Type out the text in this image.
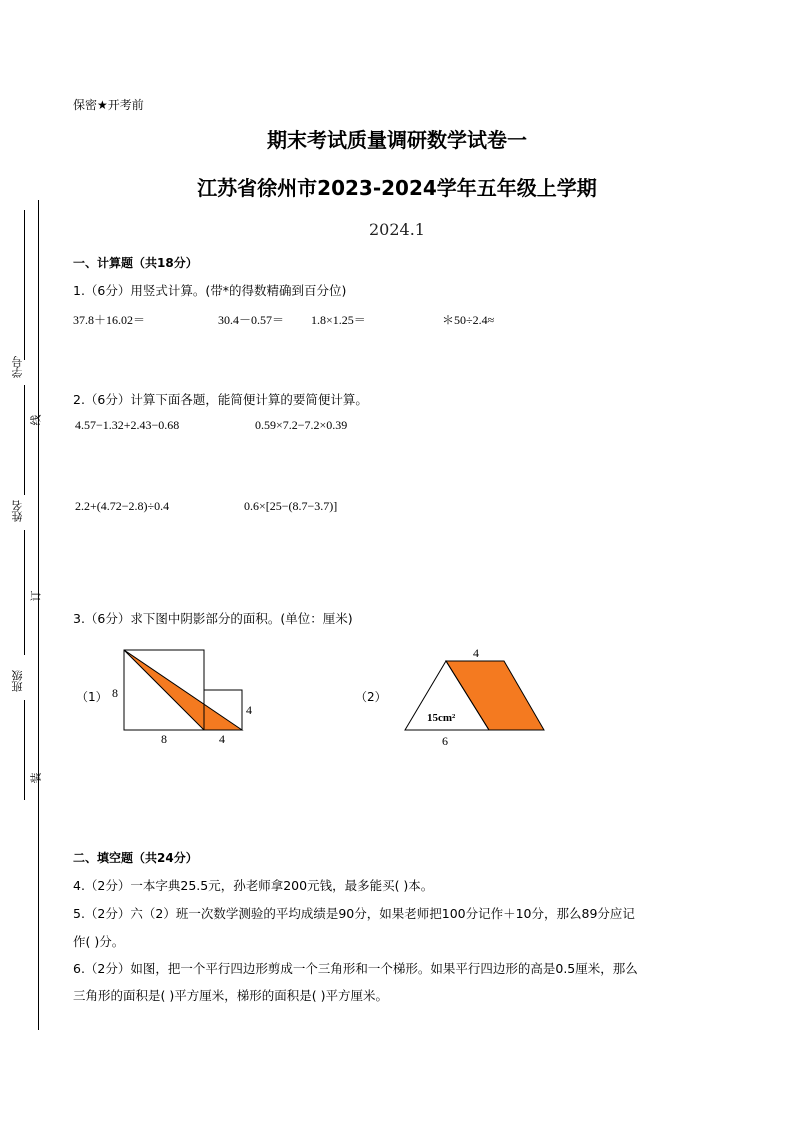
学号
姓名
班级
线
订
装
保密★开考前
期末考试质量调研数学试卷一
江苏省徐州市2023-2024学年五年级上学期
2024.1
一、计算题（共18分）
1.（6分）用竖式计算。(带*的得数精确到百分位)
37.8＋16.02＝	30.4－0.57＝ 1.8×1.25＝	＊50÷2.4≈
2.（6分）计算下面各题，能简便计算的要简便计算。
4.57−1.32+2.43−0.68	0.59×7.2−7.2×0.39
2.2+(4.72−2.8)÷0.4	0.6×[25−(8.7−3.7)]
3.（6分）求下图中阴影部分的面积。(单位：厘米)
（1） 8
8	4
4
（2）
4
15cm²
6
二、填空题（共24分）
4.（2分）一本字典25.5元，孙老师拿200元钱，最多能买( )本。
5.（2分）六（2）班一次数学测验的平均成绩是90分，如果老师把100分记作＋10分，那么89分应记
作( )分。
6.（2分）如图，把一个平行四边形剪成一个三角形和一个梯形。如果平行四边形的高是0.5厘米，那么
三角形的面积是( )平方厘米，梯形的面积是( )平方厘米。
